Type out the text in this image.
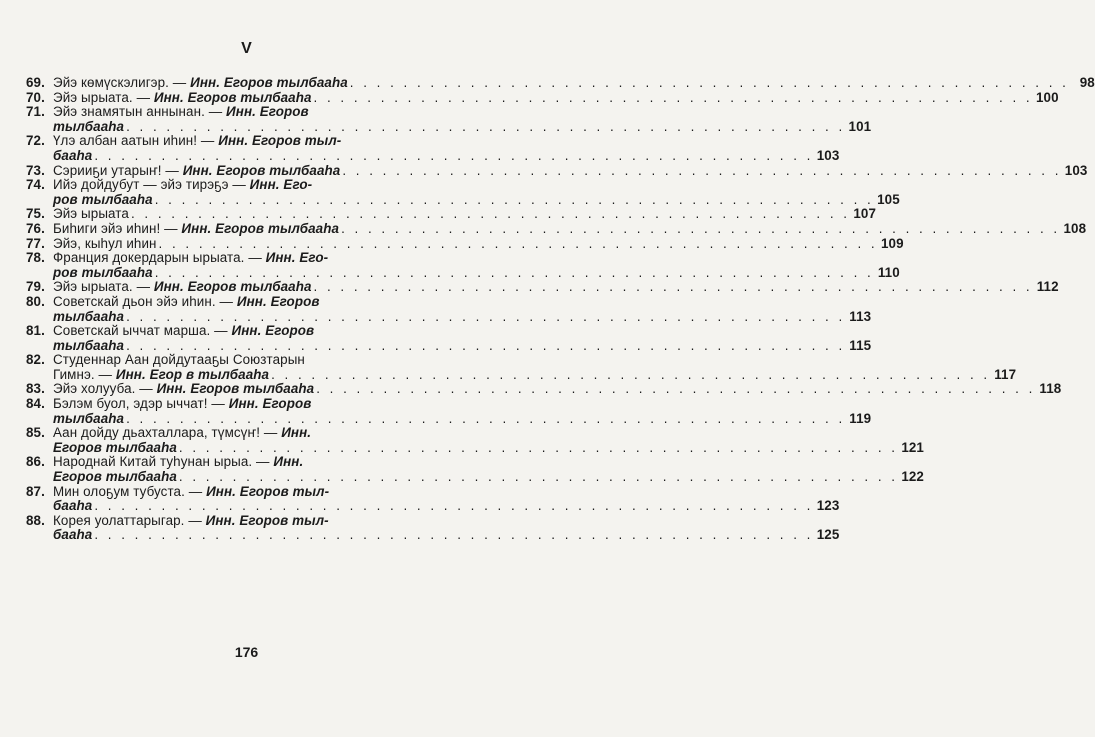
V
69. Эйэ көмүскэлигэр. — Инн. Егоров тылбааһа . . .	98
70. Эйэ ырыата. — Инн. Егоров тылбааһа . . .	100
71. Эйэ знамятын аннынан. — Инн. Егоров
тылбааһа . . .	101
72. Үлэ албан аатын иһин! — Инн. Егоров тыл-
бааһа . . .	103
73. Сэрииҕи утарыҥ! — Инн. Егоров тылбааһа . . .	103
74. Ийэ дойдубут — эйэ тирэҕэ — Инн. Его-
ров тылбааһа . . .	105
75. Эйэ ырыата . . .	107
76. Биһиги эйэ иһин! — Инн. Егоров тылбааһа . . .	108
77. Эйэ, кыһул иһин . . .	109
78. Франция докердарын ырыата. — Инн. Его-
ров тылбааһа . . .	110
79. Эйэ ырыата. — Инн. Егоров тылбааһа . . .	112
80. Советскай дьон эйэ иһин. — Инн. Егоров
тылбааһа . . .	113
81. Советскай ыччат марша. — Инн. Егоров
тылбааһа . . .	115
82. Студеннар Аан дойдутааҕы Союзтарын
Гимнэ. — Инн. Егор в тылбааһа . . .	117
83. Эйэ холууба. — Инн. Егоров тылбааһа . . .	118
84. Бэлэм буол, эдэр ыччат! — Инн. Егоров
тылбааһа . . .	119
85. Аан дойду дьахталлара, түмсүҥ! — Инн.
Егоров тылбааһа . . .	121
86. Народнай Китай туһунан ырыа. — Инн.
Егоров тылбааһа . . .	122
87. Мин олоҕум тубуста. — Инн. Егоров тыл-
бааһа . . .	123
88. Корея уолаттарыгар. — Инн. Егоров тыл-
бааһа . . .	125
176
